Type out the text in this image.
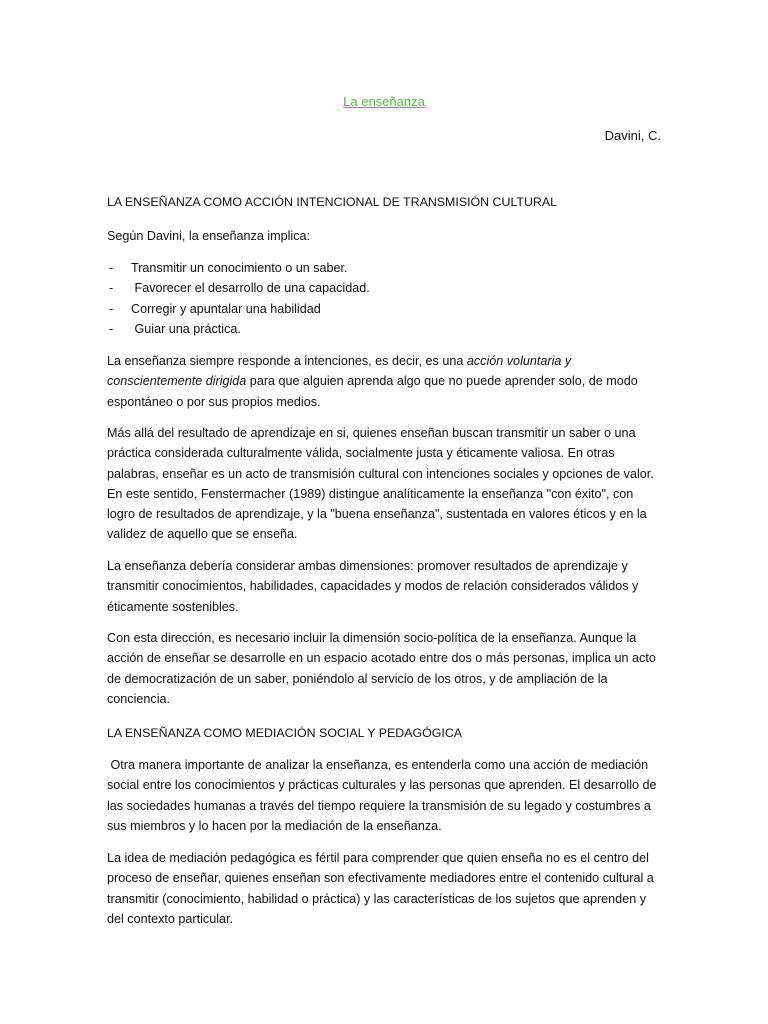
La enseñanza
Davini, C.
LA ENSEÑANZA COMO ACCIÓN INTENCIONAL DE TRANSMISIÓN CULTURAL
Según Davini, la enseñanza implica:
- Transmitir un conocimiento o un saber.
- Favorecer el desarrollo de una capacidad.
- Corregir y apuntalar una habilidad
- Guiar una práctica.

La enseñanza siempre responde a intenciones, es decir, es una acción voluntaria y conscientemente dirigida para que alguien aprenda algo que no puede aprender solo, de modo espontáneo o por sus propios medios.

Más allá del resultado de aprendizaje en si, quienes enseñan buscan transmitir un saber o una práctica considerada culturalmente válida, socialmente justa y éticamente valiosa. En otras palabras, enseñar es un acto de transmisión cultural con intenciones sociales y opciones de valor. En este sentido, Fenstermacher (1989) distingue analíticamente la enseñanza "con éxito", con logro de resultados de aprendizaje, y la "buena enseñanza", sustentada en valores éticos y en la validez de aquello que se enseña.

La enseñanza debería considerar ambas dimensiones: promover resultados de aprendizaje y transmitir conocimientos, habilidades, capacidades y modos de relación considerados válidos y éticamente sostenibles.

Con esta dirección, es necesario incluir la dimensión socio-política de la enseñanza. Aunque la acción de enseñar se desarrolle en un espacio acotado entre dos o más personas, implica un acto de democratización de un saber, poniéndolo al servicio de los otros, y de ampliación de la conciencia.

LA ENSEÑANZA COMO MEDIACIÓN SOCIAL Y PEDAGÓGICA

Otra manera importante de analizar la enseñanza, es entenderla como una acción de mediación social entre los conocimientos y prácticas culturales y las personas que aprenden. El desarrollo de las sociedades humanas a través del tiempo requiere la transmisión de su legado y costumbres a sus miembros y lo hacen por la mediación de la enseñanza.

La idea de mediación pedagógica es fértil para comprender que quien enseña no es el centro del proceso de enseñar, quienes enseñan son efectivamente mediadores entre el contenido cultural a transmitir (conocimiento, habilidad o práctica) y las características de los sujetos que aprenden y del contexto particular.
